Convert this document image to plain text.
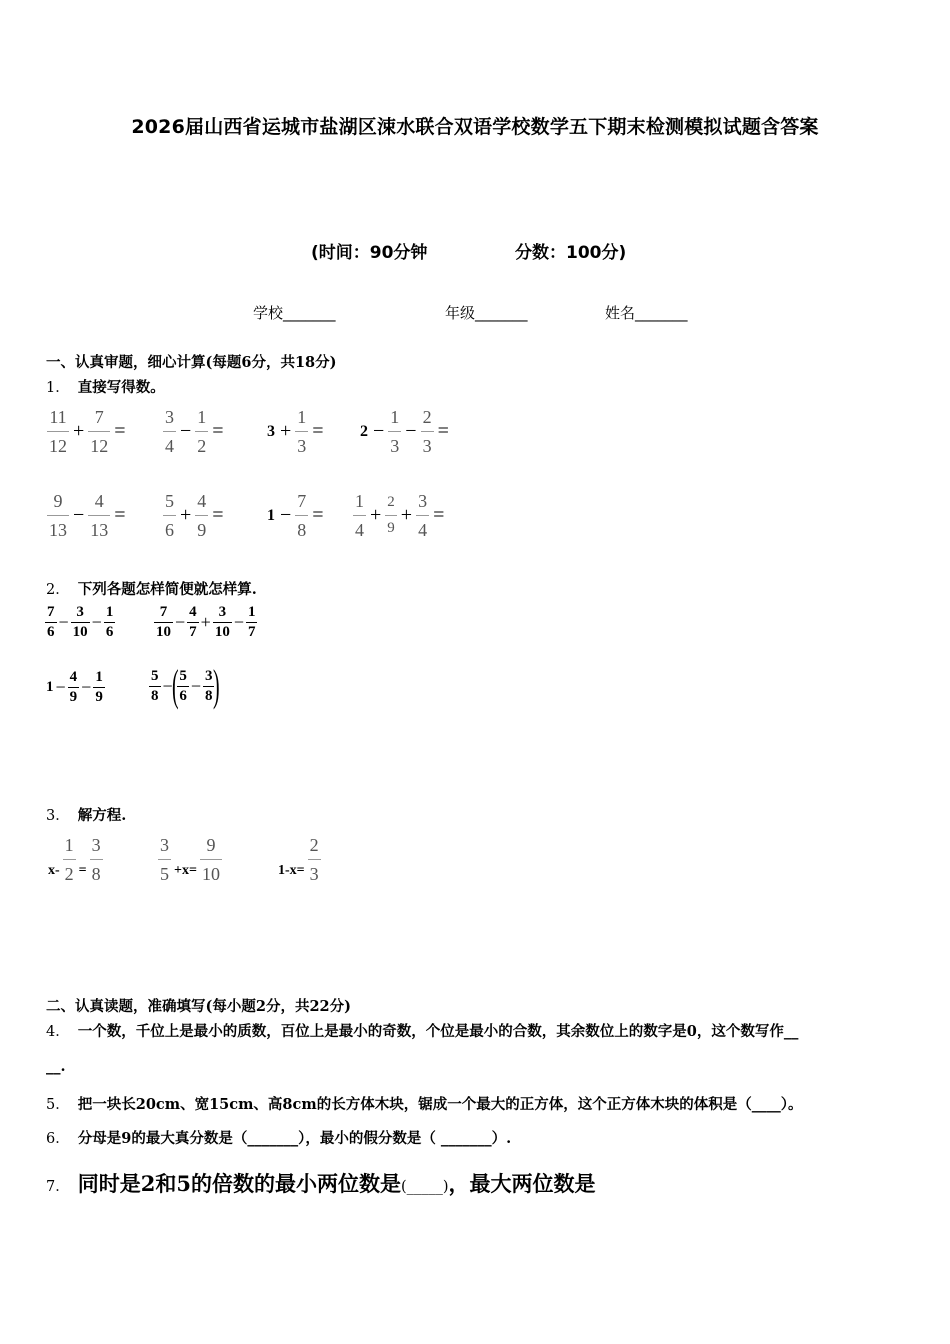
2026届山西省运城市盐湖区涑水联合双语学校数学五下期末检测模拟试题含答案
(时间：90分钟	分数：100分)
学校_______	年级_______	姓名_______
一、认真审题，细心计算(每题6分，共18分)
1． 直接写得数。
11
12
+ $\frac{7}{12}$ =
3
4
− $\frac{1}{2}$ =	$3 + \frac{1}{3} = 2 - \frac{1}{3} - \frac{2}{3}$ =
9
13
− $\frac{4}{13}$ =
5
6
+ $\frac{4}{9}$ =	$1 - \frac{7}{8}$ =
1
4
+ $\frac{2}{9} + \frac{3}{4}$ =
2． 下列各题怎样简便就怎样算.
7
$6 - \frac{3}{10} - \frac{1}{6}$	7
$10 - \frac{4}{7} + \frac{3}{10} - \frac{1}{7}$
$1 - \frac{4}{9} - \frac{1}{9}$	5
8 − ( 5
$6 - \frac{3}{8}$ )
3． 解方程.
$x- \frac{1}{2} = \frac{3}{8}$	3
$5 +x= \frac{9}{10}$	$1-x= \frac{2}{3}$
二、认真读题，准确填写(每小题2分，共22分)
4． 一个数，千位上是最小的质数，百位上是最小的奇数，个位是最小的合数，其余数位上的数字是0，这个数写作__
__.
5． 把一块长20cm、宽15cm、高8cm的长方体木块，锯成一个最大的正方体，这个正方体木块的体积是（____）。
6． 分母是9的最大真分数是（_______），最小的假分数是（ _______）.
7． 同时是2和5的倍数的最小两位数是(_____)，最大两位数是
